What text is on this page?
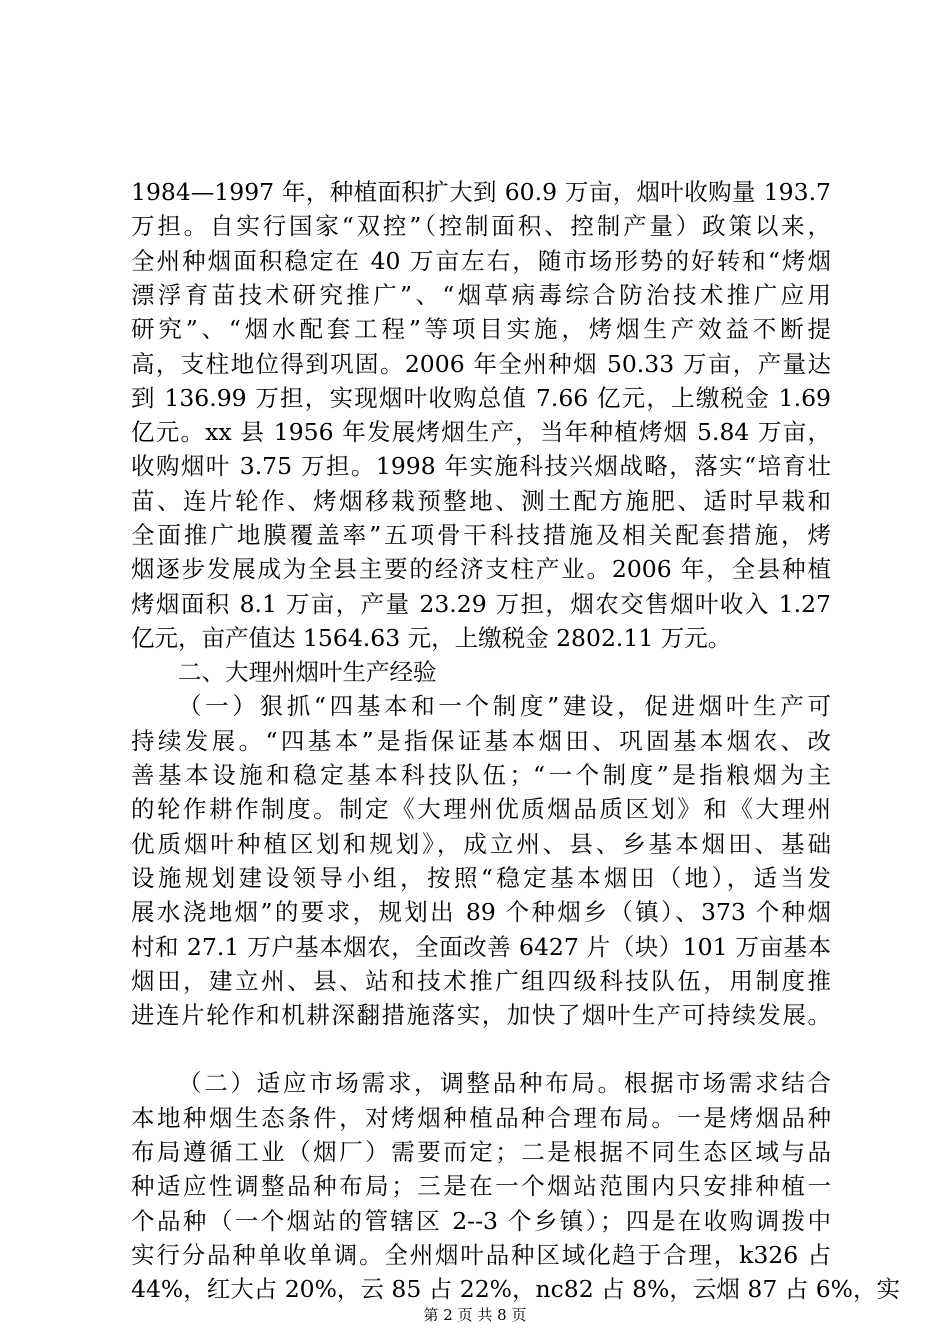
1984—1997 年，种植面积扩大到 60.9 万亩，烟叶收购量 193.7
万担。自实行国家“双控”（控制面积、控制产量）政策以来，
全州种烟面积稳定在 40 万亩左右，随市场形势的好转和“烤烟
漂浮育苗技术研究推广”、“烟草病毒综合防治技术推广应用
研究”、“烟水配套工程”等项目实施，烤烟生产效益不断提
高，支柱地位得到巩固。2006 年全州种烟 50.33 万亩，产量达
到 136.99 万担，实现烟叶收购总值 7.66 亿元，上缴税金 1.69
亿元。xx 县 1956 年发展烤烟生产，当年种植烤烟 5.84 万亩，
收购烟叶 3.75 万担。1998 年实施科技兴烟战略，落实“培育壮
苗、连片轮作、烤烟移栽预整地、测土配方施肥、适时早栽和
全面推广地膜覆盖率”五项骨干科技措施及相关配套措施，烤
烟逐步发展成为全县主要的经济支柱产业。2006 年，全县种植
烤烟面积 8.1 万亩，产量 23.29 万担，烟农交售烟叶收入 1.27
亿元，亩产值达 1564.63 元，上缴税金 2802.11 万元。
二、大理州烟叶生产经验
（一）狠抓“四基本和一个制度”建设，促进烟叶生产可
持续发展。“四基本”是指保证基本烟田、巩固基本烟农、改
善基本设施和稳定基本科技队伍；“一个制度”是指粮烟为主
的轮作耕作制度。制定《大理州优质烟品质区划》和《大理州
优质烟叶种植区划和规划》，成立州、县、乡基本烟田、基础
设施规划建设领导小组，按照“稳定基本烟田（地），适当发
展水浇地烟”的要求，规划出 89 个种烟乡（镇）、373 个种烟
村和 27.1 万户基本烟农，全面改善 6427 片（块）101 万亩基本
烟田，建立州、县、站和技术推广组四级科技队伍，用制度推
进连片轮作和机耕深翻措施落实，加快了烟叶生产可持续发展。
（二）适应市场需求，调整品种布局。根据市场需求结合
本地种烟生态条件，对烤烟种植品种合理布局。一是烤烟品种
布局遵循工业（烟厂）需要而定；二是根据不同生态区域与品
种适应性调整品种布局；三是在一个烟站范围内只安排种植一
个品种（一个烟站的管辖区 2--3 个乡镇）；四是在收购调拨中
实行分品种单收单调。全州烟叶品种区域化趋于合理，k326 占
44%，红大占 20%，云 85 占 22%，nc82 占 8%，云烟 87 占 6%，实
第 2 页 共 8 页
